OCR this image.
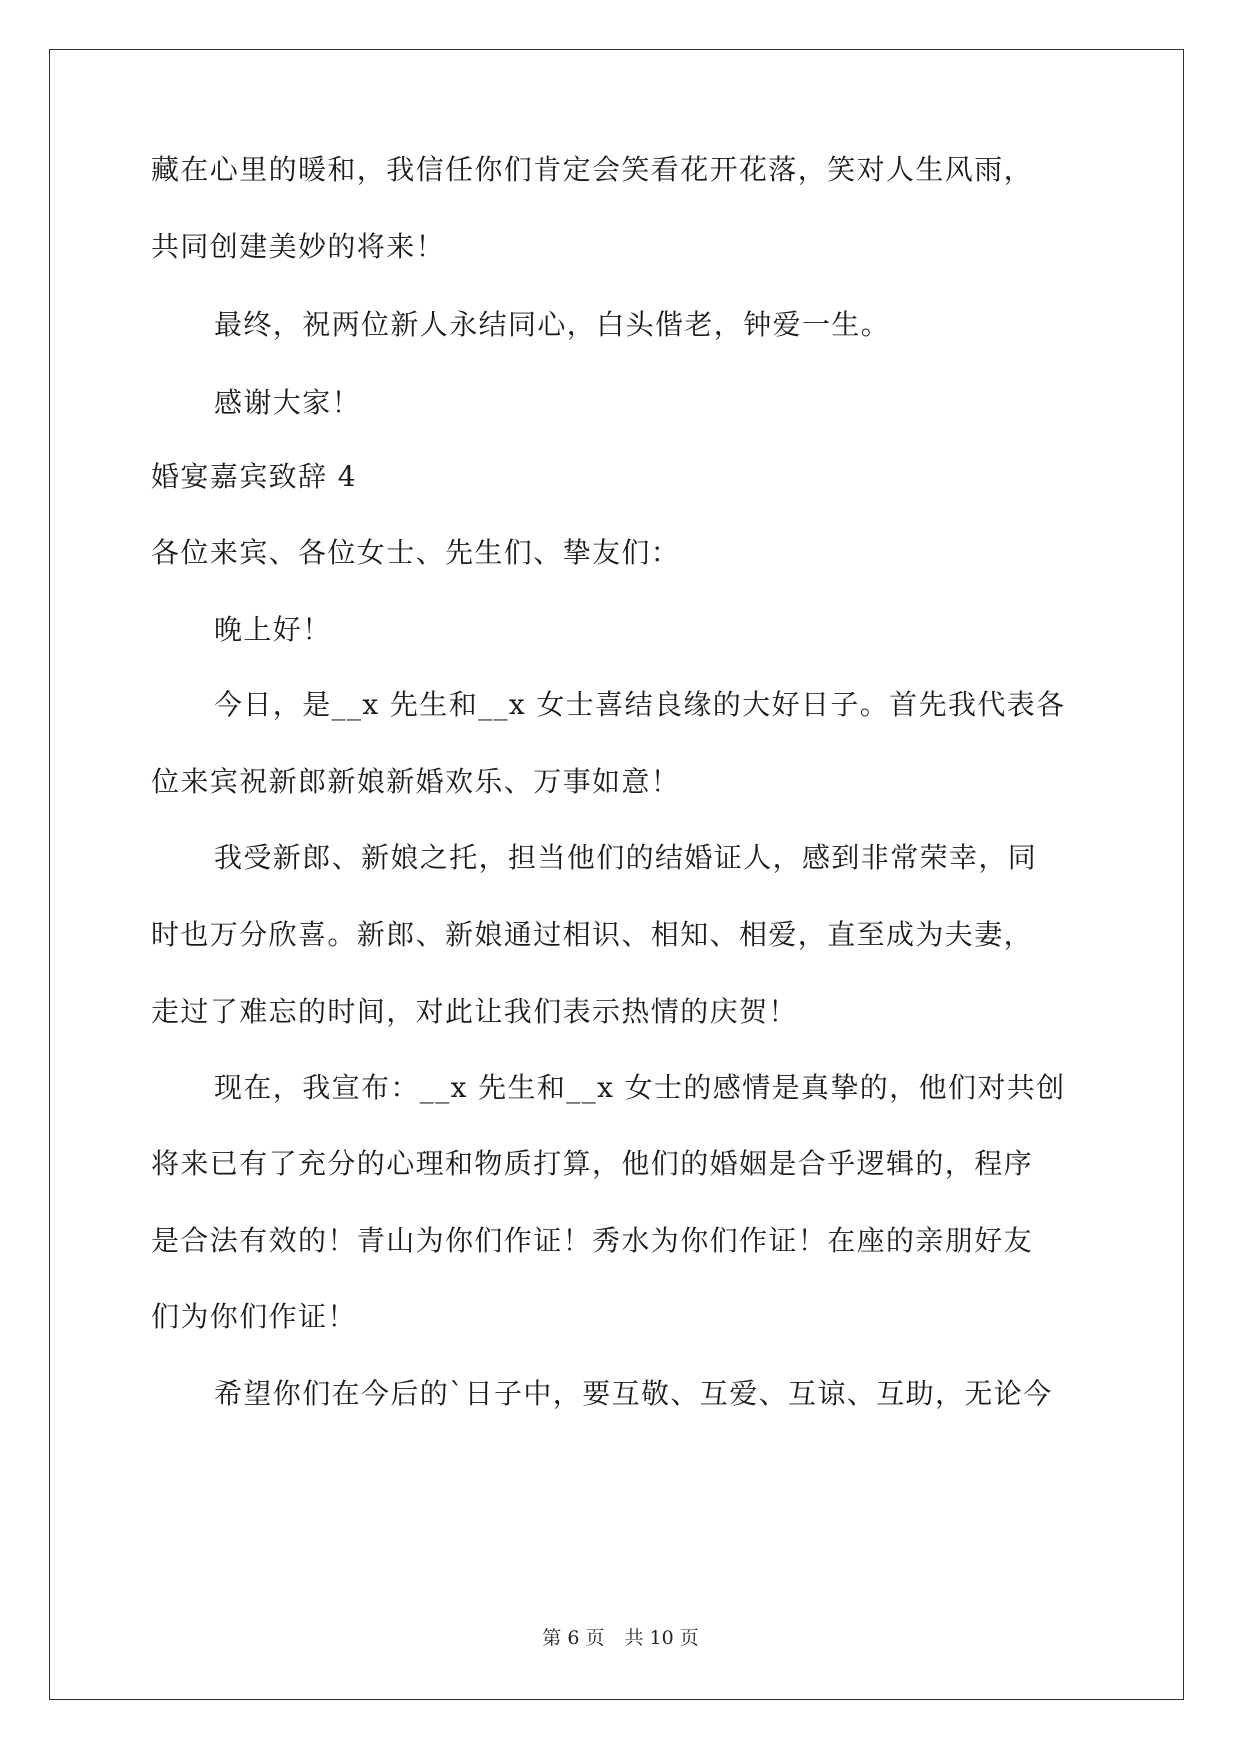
藏在心里的暖和，我信任你们肯定会笑看花开花落，笑对人生风雨，
共同创建美妙的将来！
最终，祝两位新人永结同心，白头偕老，钟爱一生。
感谢大家！
婚宴嘉宾致辞 4
各位来宾、各位女士、先生们、挚友们：
晚上好！
今日，是__x 先生和__x 女士喜结良缘的大好日子。首先我代表各
位来宾祝新郎新娘新婚欢乐、万事如意！
我受新郎、新娘之托，担当他们的结婚证人，感到非常荣幸，同
时也万分欣喜。新郎、新娘通过相识、相知、相爱，直至成为夫妻，
走过了难忘的时间，对此让我们表示热情的庆贺！
现在，我宣布：__x 先生和__x 女士的感情是真挚的，他们对共创
将来已有了充分的心理和物质打算，他们的婚姻是合乎逻辑的，程序
是合法有效的！青山为你们作证！秀水为你们作证！在座的亲朋好友
们为你们作证！
希望你们在今后的`日子中，要互敬、互爱、互谅、互助，无论今
第 6 页 共 10 页
